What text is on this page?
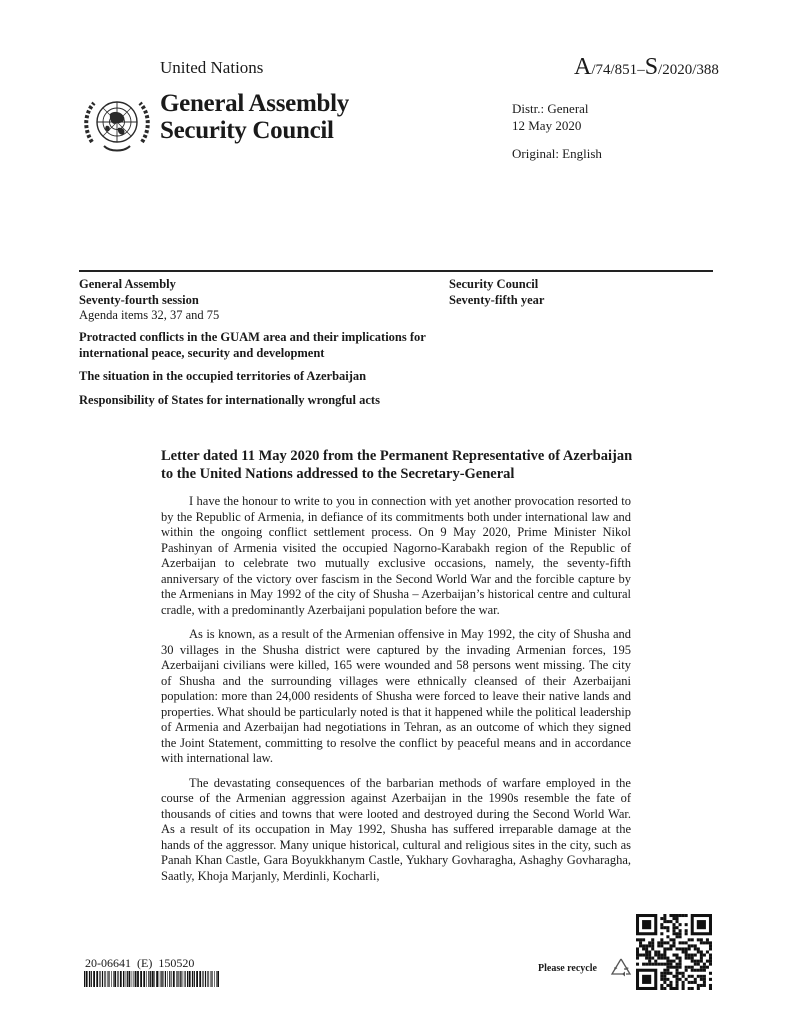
United Nations	A/74/851–S/2020/388
General Assembly
Security Council
Distr.: General
12 May 2020
Original: English
General Assembly
Seventy-fourth session
Agenda items 32, 37 and 75
Security Council
Seventy-fifth year

Protracted conflicts in the GUAM area and their implications for international peace, security and development

The situation in the occupied territories of Azerbaijan

Responsibility of States for internationally wrongful acts

Letter dated 11 May 2020 from the Permanent Representative of Azerbaijan to the United Nations addressed to the Secretary-General

I have the honour to write to you in connection with yet another provocation resorted to by the Republic of Armenia, in defiance of its commitments both under international law and within the ongoing conflict settlement process. On 9 May 2020, Prime Minister Nikol Pashinyan of Armenia visited the occupied Nagorno-Karabakh region of the Republic of Azerbaijan to celebrate two mutually exclusive occasions, namely, the seventy-fifth anniversary of the victory over fascism in the Second World War and the forcible capture by the Armenians in May 1992 of the city of Shusha – Azerbaijan’s historical centre and cultural cradle, with a predominantly Azerbaijani population before the war.

As is known, as a result of the Armenian offensive in May 1992, the city of Shusha and 30 villages in the Shusha district were captured by the invading Armenian forces, 195 Azerbaijani civilians were killed, 165 were wounded and 58 persons went missing. The city of Shusha and the surrounding villages were ethnically cleansed of their Azerbaijani population: more than 24,000 residents of Shusha were forced to leave their native lands and properties. What should be particularly noted is that it happened while the political leadership of Armenia and Azerbaijan had negotiations in Tehran, as an outcome of which they signed the Joint Statement, committing to resolve the conflict by peaceful means and in accordance with international law.

The devastating consequences of the barbarian methods of warfare employed in the course of the Armenian aggression against Azerbaijan in the 1990s resemble the fate of thousands of cities and towns that were looted and destroyed during the Second World War. As a result of its occupation in May 1992, Shusha has suffered irreparable damage at the hands of the aggressor. Many unique historical, cultural and religious sites in the city, such as Panah Khan Castle, Gara Boyukkhanym Castle, Yukhary Govharagha, Ashaghy Govharagha, Saatly, Khoja Marjanly, Merdinli, Kocharli,

20-06641 (E) 150520	Please recycle
